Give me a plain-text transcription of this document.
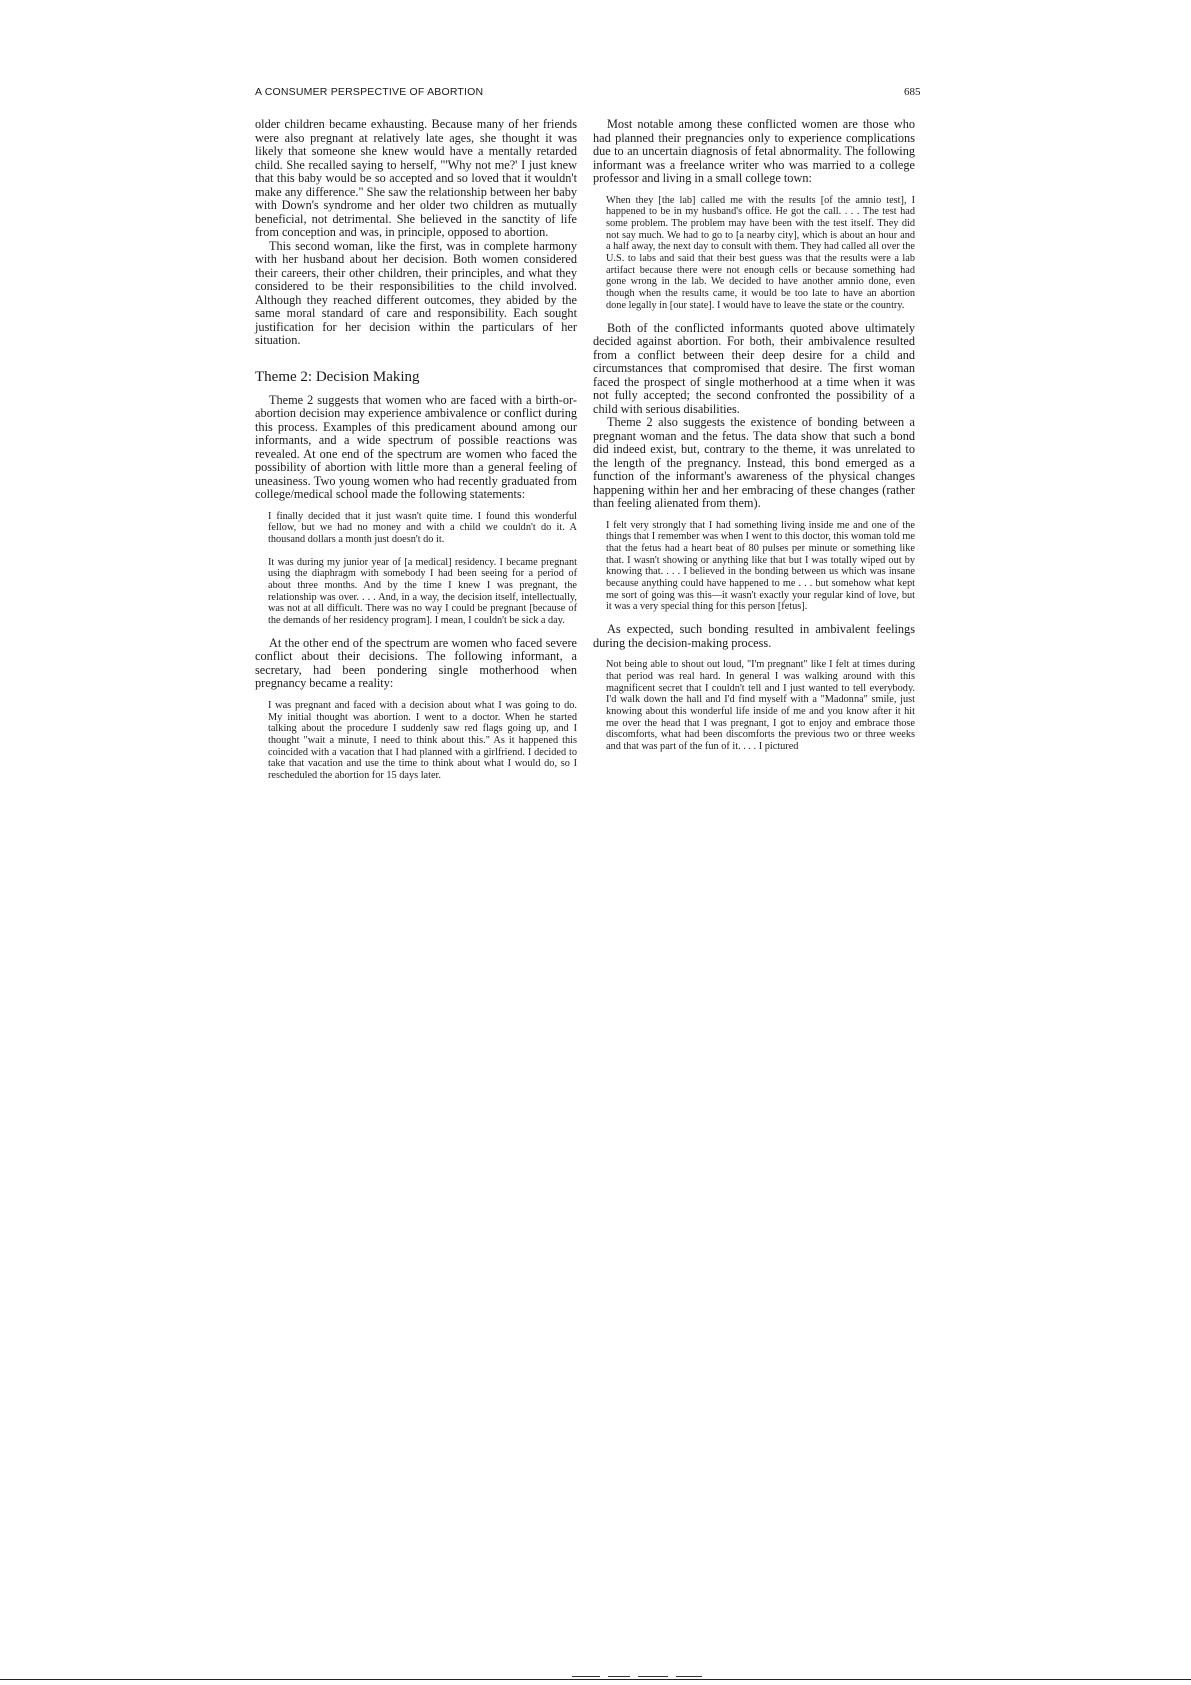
A CONSUMER PERSPECTIVE OF ABORTION	685

older children became exhausting. Because many of her friends were also pregnant at relatively late ages, she thought it was likely that someone she knew would have a mentally retarded child. She recalled saying to herself, "'Why not me?' I just knew that this baby would be so accepted and so loved that it wouldn't make any difference." She saw the relationship between her baby with Down's syndrome and her older two children as mutually beneficial, not detrimental. She believed in the sanctity of life from conception and was, in principle, opposed to abortion.

This second woman, like the first, was in complete harmony with her husband about her decision. Both women considered their careers, their other children, their principles, and what they considered to be their responsibilities to the child involved. Although they reached different outcomes, they abided by the same moral standard of care and responsibility. Each sought justification for her decision within the particulars of her situation.

Theme 2: Decision Making

Theme 2 suggests that women who are faced with a birth-or-abortion decision may experience ambivalence or conflict during this process. Examples of this predicament abound among our informants, and a wide spectrum of possible reactions was revealed. At one end of the spectrum are women who faced the possibility of abortion with little more than a general feeling of uneasiness. Two young women who had recently graduated from college/medical school made the following statements:

I finally decided that it just wasn't quite time. I found this wonderful fellow, but we had no money and with a child we couldn't do it. A thousand dollars a month just doesn't do it.

It was during my junior year of [a medical] residency. I became pregnant using the diaphragm with somebody I had been seeing for a period of about three months. And by the time I knew I was pregnant, the relationship was over. . . . And, in a way, the decision itself, intellectually, was not at all difficult. There was no way I could be pregnant [because of the demands of her residency program]. I mean, I couldn't be sick a day.

At the other end of the spectrum are women who faced severe conflict about their decisions. The following informant, a secretary, had been pondering single motherhood when pregnancy became a reality:

I was pregnant and faced with a decision about what I was going to do. My initial thought was abortion. I went to a doctor. When he started talking about the procedure I suddenly saw red flags going up, and I thought "wait a minute, I need to think about this." As it happened this coincided with a vacation that I had planned with a girlfriend. I decided to take that vacation and use the time to think about what I would do, so I rescheduled the abortion for 15 days later.

Most notable among these conflicted women are those who had planned their pregnancies only to experience complications due to an uncertain diagnosis of fetal abnormality. The following informant was a freelance writer who was married to a college professor and living in a small college town:

When they [the lab] called me with the results [of the amnio test], I happened to be in my husband's office. He got the call. . . . The test had some problem. The problem may have been with the test itself. They did not say much. We had to go to [a nearby city], which is about an hour and a half away, the next day to consult with them. They had called all over the U.S. to labs and said that their best guess was that the results were a lab artifact because there were not enough cells or because something had gone wrong in the lab. We decided to have another amnio done, even though when the results came, it would be too late to have an abortion done legally in [our state]. I would have to leave the state or the country.

Both of the conflicted informants quoted above ultimately decided against abortion. For both, their ambivalence resulted from a conflict between their deep desire for a child and circumstances that compromised that desire. The first woman faced the prospect of single motherhood at a time when it was not fully accepted; the second confronted the possibility of a child with serious disabilities.

Theme 2 also suggests the existence of bonding between a pregnant woman and the fetus. The data show that such a bond did indeed exist, but, contrary to the theme, it was unrelated to the length of the pregnancy. Instead, this bond emerged as a function of the informant's awareness of the physical changes happening within her and her embracing of these changes (rather than feeling alienated from them).

I felt very strongly that I had something living inside me and one of the things that I remember was when I went to this doctor, this woman told me that the fetus had a heart beat of 80 pulses per minute or something like that. I wasn't showing or anything like that but I was totally wiped out by knowing that. . . . I believed in the bonding between us which was insane because anything could have happened to me . . . but somehow what kept me sort of going was this—it wasn't exactly your regular kind of love, but it was a very special thing for this person [fetus].

As expected, such bonding resulted in ambivalent feelings during the decision-making process.

Not being able to shout out loud, "I'm pregnant" like I felt at times during that period was real hard. In general I was walking around with this magnificent secret that I couldn't tell and I just wanted to tell everybody. I'd walk down the hall and I'd find myself with a "Madonna" smile, just knowing about this wonderful life inside of me and you know after it hit me over the head that I was pregnant, I got to enjoy and embrace those discomforts, what had been discomforts the previous two or three weeks and that was part of the fun of it. . . . I pictured
